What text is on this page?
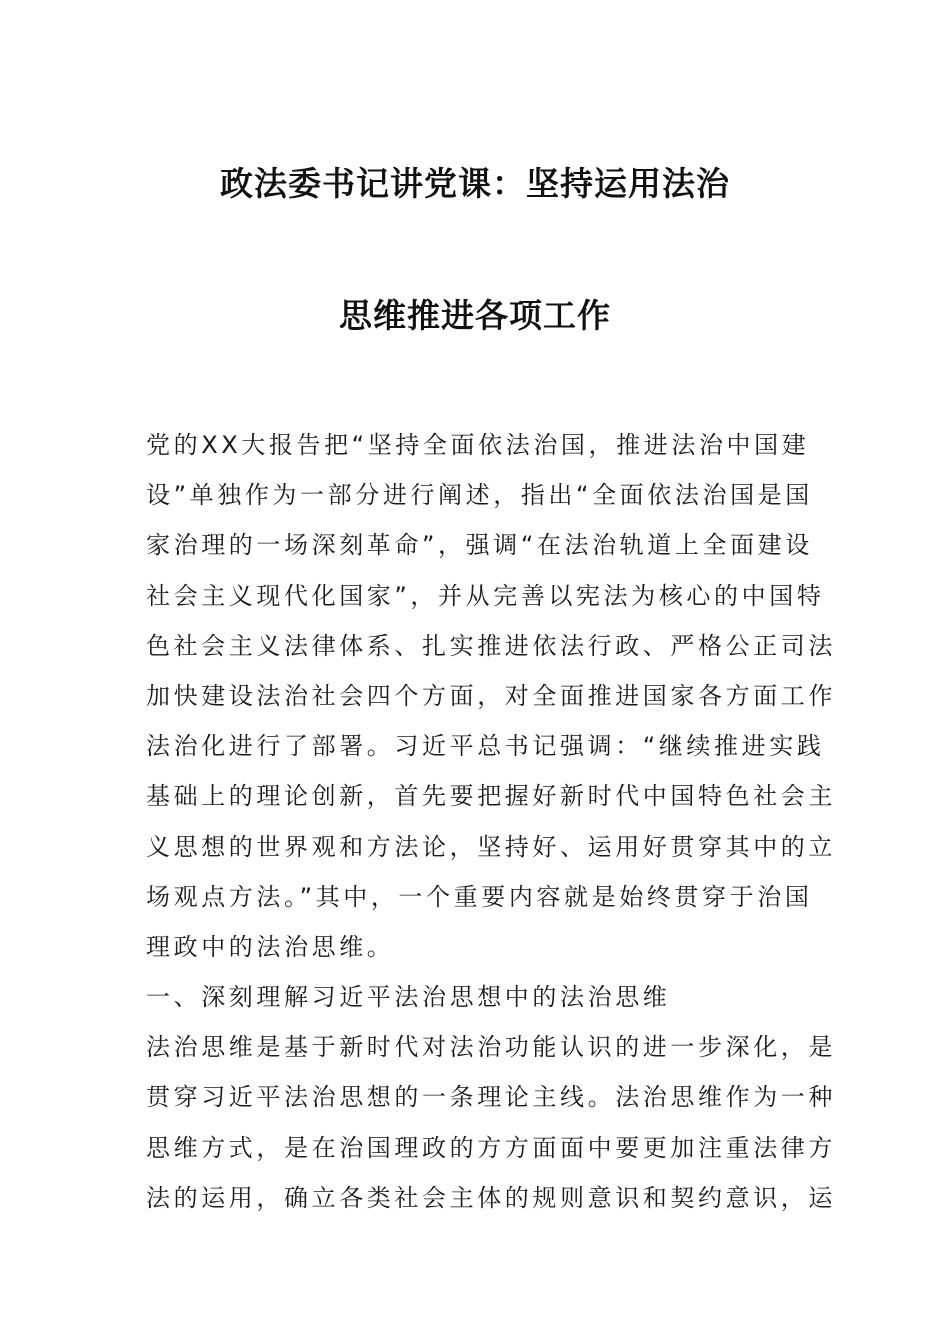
政法委书记讲党课：坚持运用法治
思维推进各项工作
党的XX大报告把“坚持全面依法治国，推进法治中国建
设”单独作为一部分进行阐述，指出“全面依法治国是国
家治理的一场深刻革命”，强调“在法治轨道上全面建设
社会主义现代化国家”，并从完善以宪法为核心的中国特
色社会主义法律体系、扎实推进依法行政、严格公正司法
加快建设法治社会四个方面，对全面推进国家各方面工作
法治化进行了部署。习近平总书记强调：“继续推进实践
基础上的理论创新，首先要把握好新时代中国特色社会主
义思想的世界观和方法论，坚持好、运用好贯穿其中的立
场观点方法。”其中，一个重要内容就是始终贯穿于治国
理政中的法治思维。
一、深刻理解习近平法治思想中的法治思维
法治思维是基于新时代对法治功能认识的进一步深化，是
贯穿习近平法治思想的一条理论主线。法治思维作为一种
思维方式，是在治国理政的方方面面中要更加注重法律方
法的运用，确立各类社会主体的规则意识和契约意识，运
